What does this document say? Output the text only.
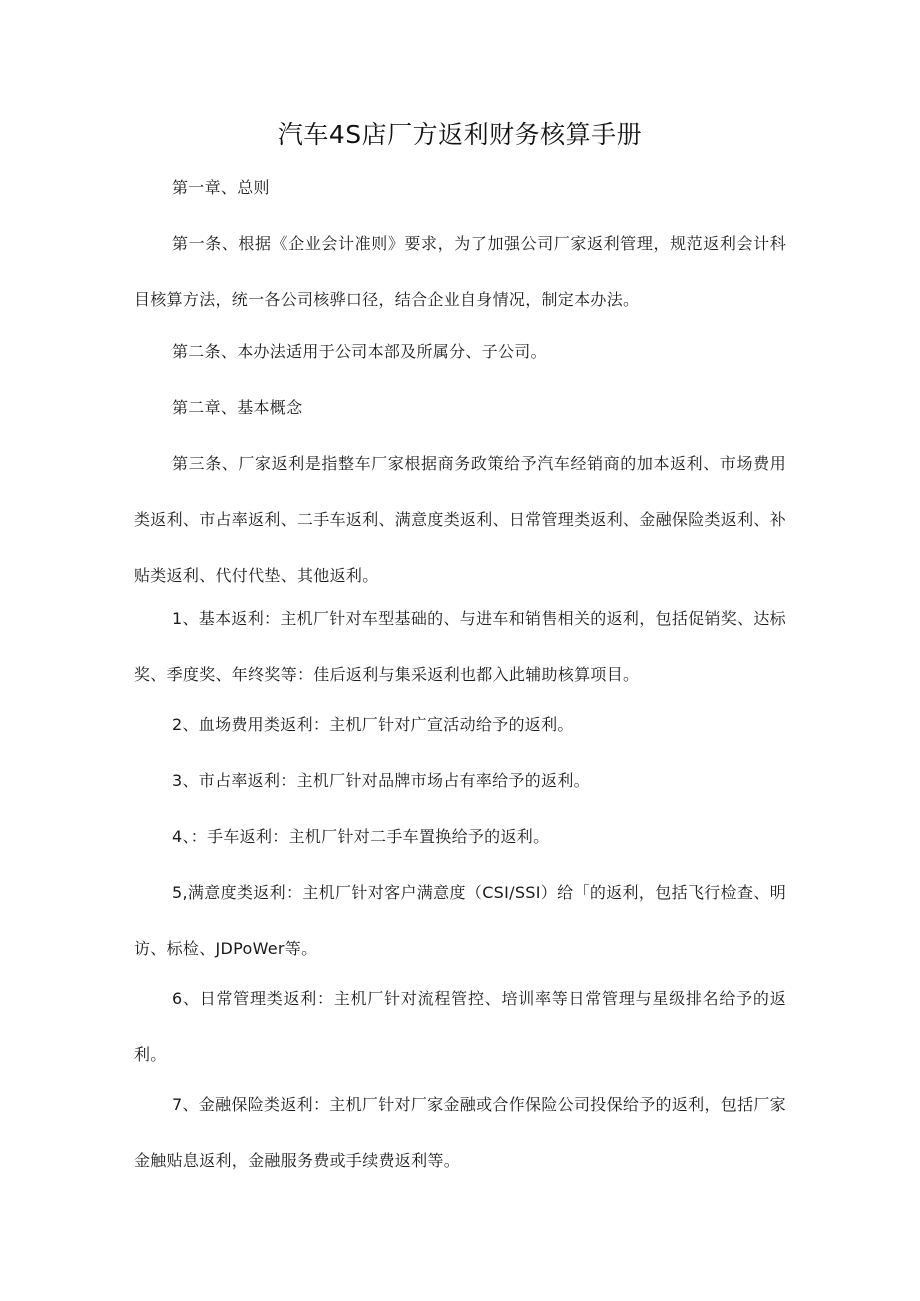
汽车4S店厂方返利财务核算手册

第一章、总则

第一条、根据《企业会计准则》要求，为了加强公司厂家返利管理，规范返利会计科目核算方法，统一各公司核骅口径，结合企业自身情况，制定本办法。

第二条、本办法适用于公司本部及所属分、子公司。

第二章、基本概念

第三条、厂家返利是指整车厂家根据商务政策给予汽车经销商的加本返利、市场费用类返利、市占率返利、二手车返利、满意度类返利、日常管理类返利、金融保险类返利、补贴类返利、代付代垫、其他返利。

1、基本返利：主机厂针对车型基础的、与进车和销售相关的返利，包括促销奖、达标奖、季度奖、年终奖等：佳后返利与集采返利也都入此辅助核算项目。

2、血场费用类返利：主机厂针对广宣活动给予的返利。

3、市占率返利：主机厂针对品牌市场占有率给予的返利。

4、：手车返利：主机厂针对二手车置换给予的返利。

5,满意度类返利：主机厂针对客户满意度（CSI/SSI）给「的返利，包括飞行检查、明访、标检、JDPoWer等。

6、日常管理类返利：主机厂针对流程管控、培训率等日常管理与星级排名给予的返利。

7、金融保险类返利：主机厂针对厂家金融或合作保险公司投保给予的返利，包括厂家金触贴息返利，金融服务费或手续费返利等。
